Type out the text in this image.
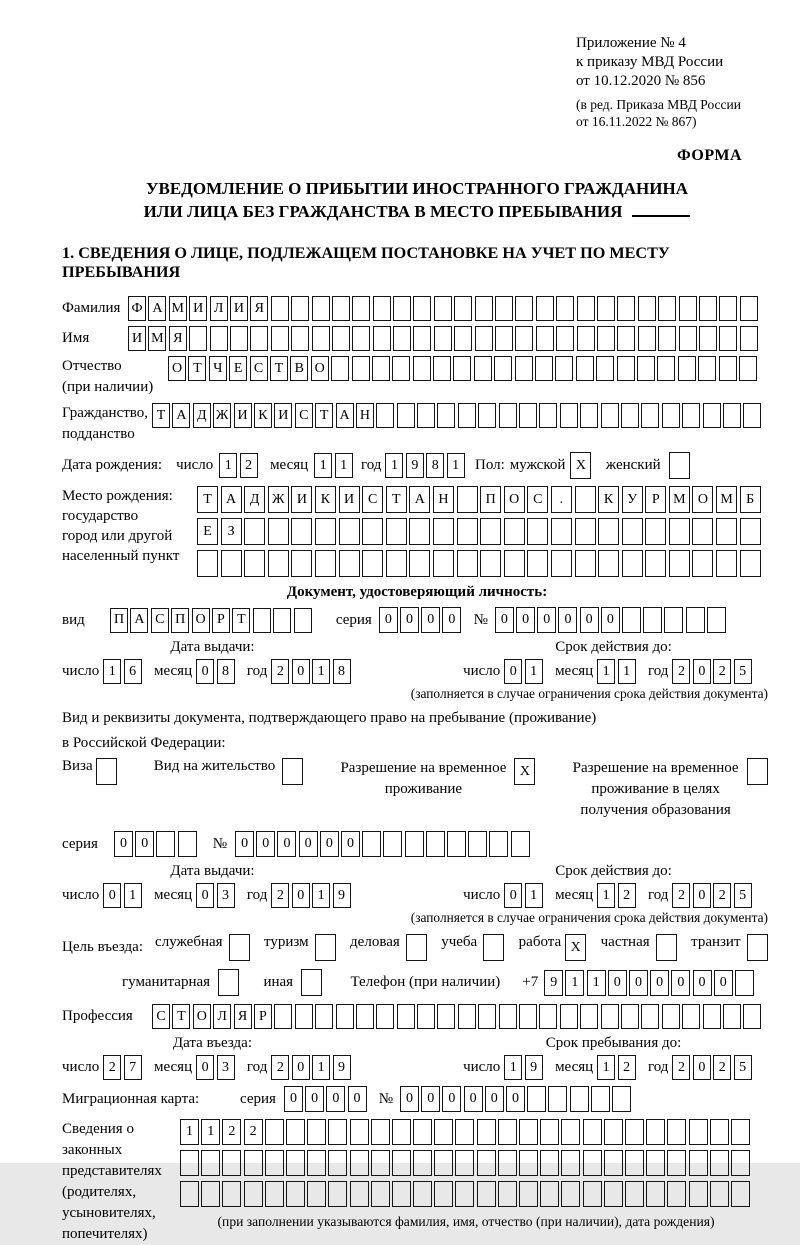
Приложение № 4
к приказу МВД России
от 10.12.2020 № 856
(в ред. Приказа МВД России
от 16.11.2022 № 867)
ФОРМА
УВЕДОМЛЕНИЕ О ПРИБЫТИИ ИНОСТРАННОГО ГРАЖДАНИНА
ИЛИ ЛИЦА БЕЗ ГРАЖДАНСТВА В МЕСТО ПРЕБЫВАНИЯ
1. СВЕДЕНИЯ О ЛИЦЕ, ПОДЛЕЖАЩЕМ ПОСТАНОВКЕ НА УЧЕТ ПО МЕСТУ ПРЕБЫВАНИЯ
Фамилия Ф А М И Л И Я
Имя	И М Я
Отчество
(при наличии)
О Т Ч Е С Т В О
Гражданство,
подданство
Т А Д Ж И К И С Т А Н
Дата рождения: число 1 2	месяц 1 1 год 1 9 8 1	Пол: мужской X	женский
Место рождения:
государство
город или другой
населенный пункт
Т	А Д Ж И К И С	Т	А Н	П О С	.	К У	Р М О М Б
Е	З
Документ, удостоверяющий личность:
вид	П А С П О Р Т	серия 0	0	0	0	№ 0	0	0	0	0	0
Дата выдачи:
число 1 6	месяц 0 8	год 2 0 1 8
Срок действия до:
число 0 1	месяц 1 1	год 2 0 2 5
(заполняется в случае ограничения срока действия документа)
Вид и реквизиты документа, подтверждающего право на пребывание (проживание)
в Российской Федерации:
Виза	Вид на жительство	Разрешение на временное
проживание
X	Разрешение на временное
проживание в целях
получения образования
серия	0	0	№	0	0	0	0	0	0
Дата выдачи:
число 0 1	месяц 0 3	год 2 0 1 9
Срок действия до:
число 0 1	месяц 1 2	год 2 0 2 5
(заполняется в случае ограничения срока действия документа)
Цель въезда: служебная	туризм	деловая	учеба	работа X	частная	транзит
гуманитарная	иная	Телефон (при наличии) +7 9	1	1	0	0	0	0	0	0
Профессия	С Т О Л Я Р
Дата въезда:
число 2 7	месяц 0 3	год 2 0 1 9
Срок пребывания до:
число 1 9	месяц 1 2	год 2 0 2 5
Миграционная карта:	серия	0	0	0	0	№ 0	0	0	0	0	0
Сведения о
законных
представителях
(родителях,
усыновителях,
попечителях)
1	1	2	2
(при заполнении указываются фамилия, имя, отчество (при наличии), дата рождения)
